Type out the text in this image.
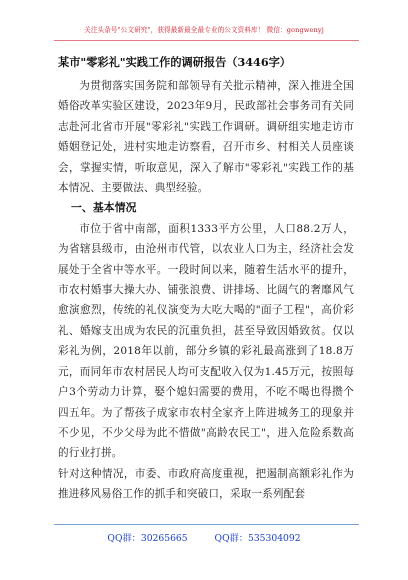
关注头条号"公文研究"，获得最新最全最专业的公文资料库！ 微信：gongwenyj
某市"零彩礼"实践工作的调研报告（3446字）

为贯彻落实国务院和部领导有关批示精神，深入推进全国婚俗改革实验区建设，2023年9月，民政部社会事务司有关同志赴河北省市开展"零彩礼"实践工作调研。调研组实地走访市婚姻登记处，进村实地走访察看，召开市乡、村相关人员座谈会，掌握实情，听取意见，深入了解市"零彩礼"实践工作的基本情况、主要做法、典型经验。

一、基本情况

市位于省中南部，面积1333平方公里，人口88.2万人，为省辖县级市，由沧州市代管，以农业人口为主，经济社会发展处于全省中等水平。一段时间以来，随着生活水平的提升，市农村婚事大操大办、铺张浪费、讲排场、比阔气的奢靡风气愈演愈烈，传统的礼仪演变为大吃大喝的"面子工程"，高价彩礼、婚嫁支出成为农民的沉重负担，甚至导致因婚致贫。仅以彩礼为例，2018年以前，部分乡镇的彩礼最高涨到了18.8万元，而同年市农村居民人均可支配收入仅为1.45万元，按照每户3个劳动力计算，娶个媳妇需要的费用，不吃不喝也得攒个四五年。为了帮孩子成家市农村全家齐上阵进城务工的现象并不少见，不少父母为此不惜做"高龄农民工"，进入危险系数高的行业打拼。

针对这种情况，市委、市政府高度重视，把遏制高额彩礼作为推进移风易俗工作的抓手和突破口，采取一系列配套

QQ群：30265665	QQ群：535304092
